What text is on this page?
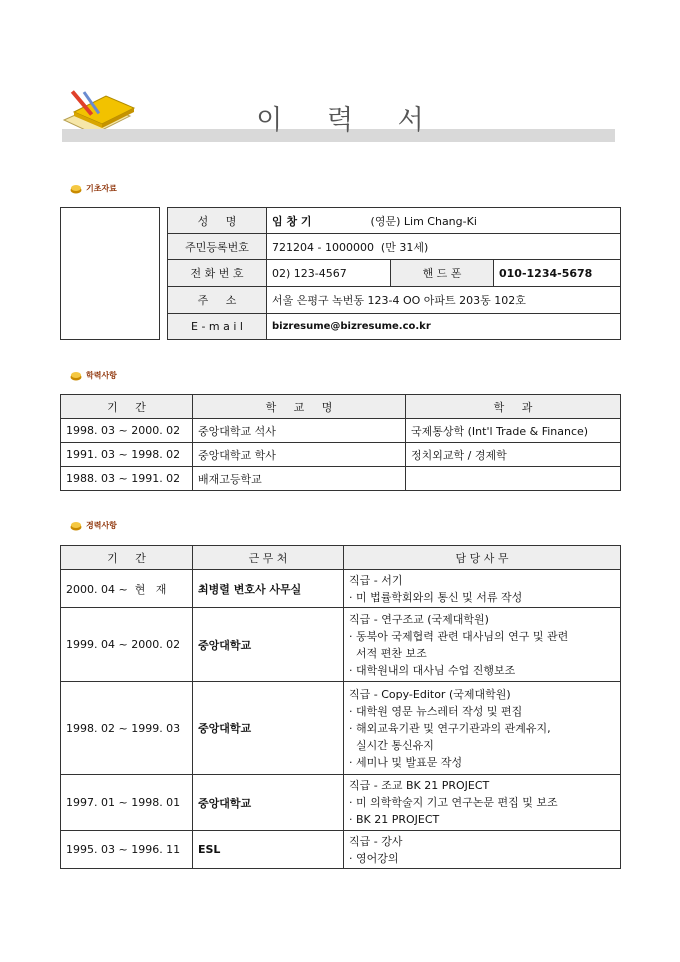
이 력 서
기초자료
성     명	임 창 기 (영문) Lim Chang-Ki		
주민등록번호	721204 - 1000000  (만 31세)		
전 화 번 호	02) 123-4567	핸 드 폰	010-1234-5678
주     소	서울 은평구 녹번동 123-4 OO 아파트 203동 102호		
E - m a i l	bizresume@bizresume.co.kr		
학력사항
기     간	학     교     명	학     과
1998. 03 ~ 2000. 02	중앙대학교 석사	국제통상학 (Int'l Trade & Finance)
1991. 03 ~ 1998. 02	중앙대학교 학사	정치외교학 / 경제학
1988. 03 ~ 1991. 02	배재고등학교	
경력사항
기     간	근 무 처	담 당 사 무
2000. 04 ~  현   재	최병렬 변호사 사무실	직급 - 서기
· 미 법률학회와의 통신 및 서류 작성

1999. 04 ~ 2000. 02	중앙대학교	직급 - 연구조교 (국제대학원)
· 동북아 국제협력 관련 대사님의 연구 및 관련
서적 편찬 보조
· 대학원내의 대사님 수업 진행보조

1998. 02 ~ 1999. 03	중앙대학교	직급 - Copy-Editor (국제대학원)
· 대학원 영문 뉴스레터 작성 및 편집
· 해외교육기관 및 연구기관과의 관계유지,
실시간 통신유지
· 세미나 및 발표문 작성

1997. 01 ~ 1998. 01	중앙대학교	직급 - 조교 BK 21 PROJECT
· 미 의학학술지 기고 연구논문 편집 및 보조
· BK 21 PROJECT

1995. 03 ~ 1996. 11	ESL	직급 - 강사
· 영어강의
